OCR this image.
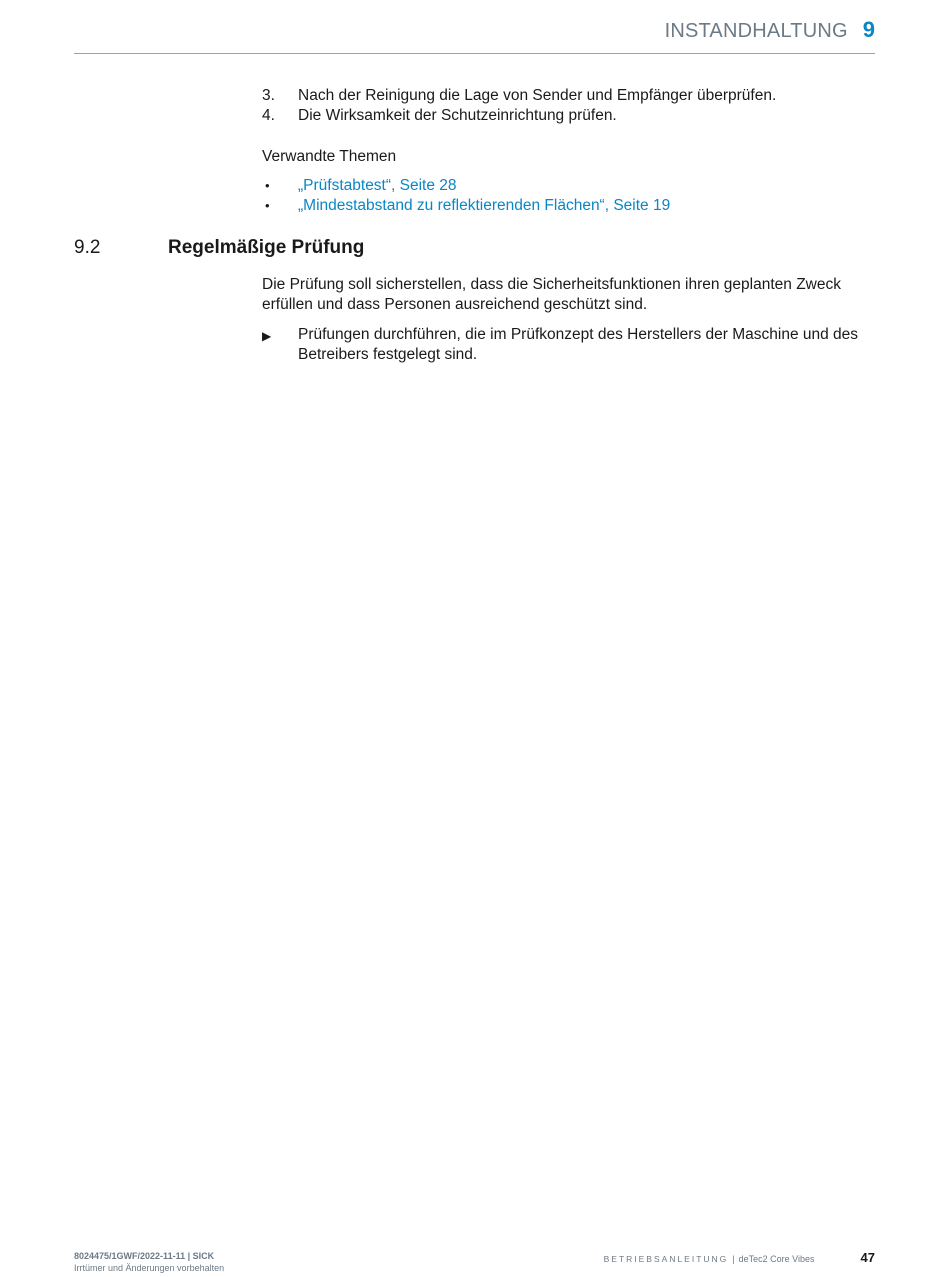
INSTANDHALTUNG 9
3.	Nach der Reinigung die Lage von Sender und Empfänger überprüfen.
4.	Die Wirksamkeit der Schutzeinrichtung prüfen.
Verwandte Themen
•	„Prüfstabtest“, Seite 28
•	„Mindestabstand zu reflektierenden Flächen“, Seite 19
9.2	Regelmäßige Prüfung
Die Prüfung soll sicherstellen, dass die Sicherheitsfunktionen ihren geplanten Zweck erfüllen und dass Personen ausreichend geschützt sind.
▶	Prüfungen durchführen, die im Prüfkonzept des Herstellers der Maschine und des Betreibers festgelegt sind.
8024475/1GWF/2022-11-11 | SICK
Irrtümer und Änderungen vorbehalten
BETRIEBSANLEITUNG | deTec2 Core Vibes	47
